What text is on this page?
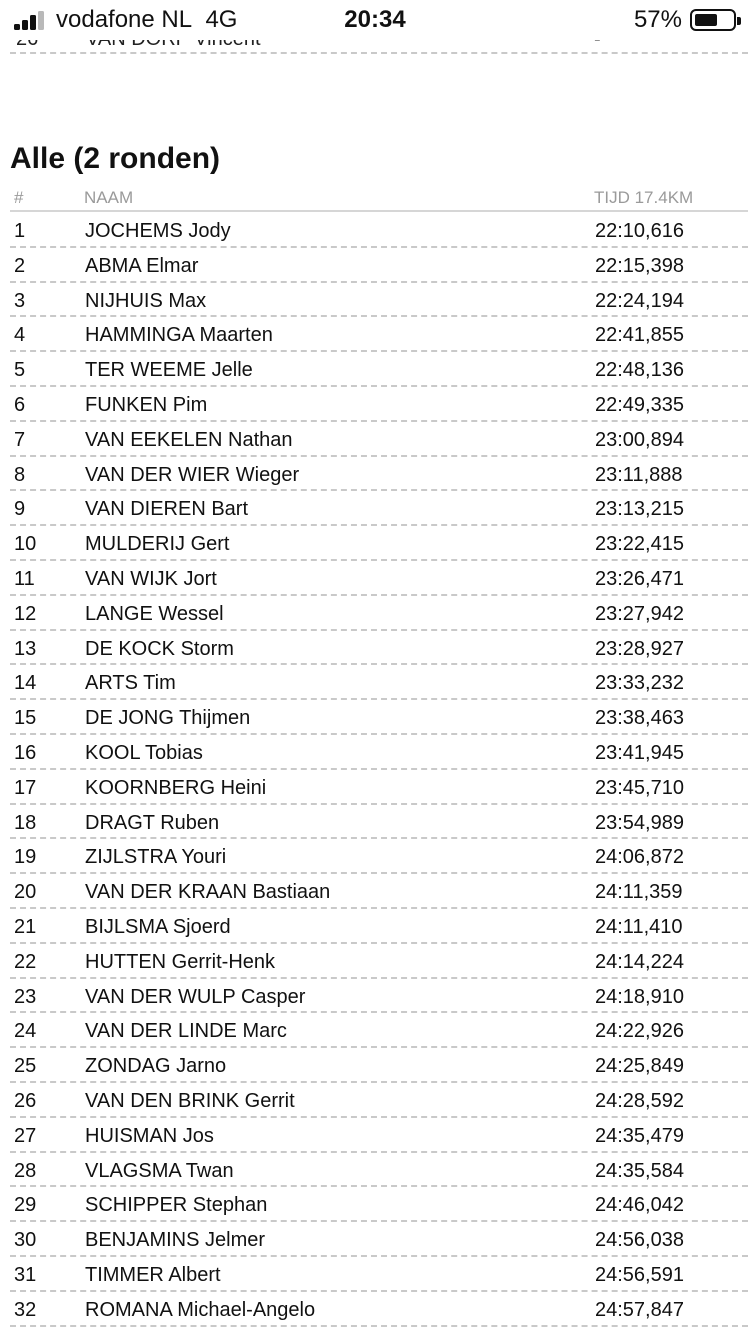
vodafone NL 4G	20:34	57%
Alle (2 ronden)
#	NAAM	TIJD 17.4KM
1	JOCHEMS Jody	22:10,616
2	ABMA Elmar	22:15,398
3	NIJHUIS Max	22:24,194
4	HAMMINGA Maarten	22:41,855
5	TER WEEME Jelle	22:48,136
6	FUNKEN Pim	22:49,335
7	VAN EEKELEN Nathan	23:00,894
8	VAN DER WIER Wieger	23:11,888
9	VAN DIEREN Bart	23:13,215
10 MULDERIJ Gert	23:22,415
11	VAN WIJK Jort	23:26,471
12 LANGE Wessel	23:27,942
13 DE KOCK Storm	23:28,927
14 ARTS Tim	23:33,232
15 DE JONG Thijmen	23:38,463
16 KOOL Tobias	23:41,945
17 KOORNBERG Heini	23:45,710
18 DRAGT Ruben	23:54,989
19 ZIJLSTRA Youri	24:06,872
20 VAN DER KRAAN Bastiaan	24:11,359
21 BIJLSMA Sjoerd	24:11,410
22 HUTTEN Gerrit-Henk	24:14,224
23 VAN DER WULP Casper	24:18,910
24 VAN DER LINDE Marc	24:22,926
25 ZONDAG Jarno	24:25,849
26 VAN DEN BRINK Gerrit	24:28,592
27 HUISMAN Jos	24:35,479
28 VLAGSMA Twan	24:35,584
29 SCHIPPER Stephan	24:46,042
30 BENJAMINS Jelmer	24:56,038
31 TIMMER Albert	24:56,591
32 ROMANA Michael-Angelo	24:57,847
